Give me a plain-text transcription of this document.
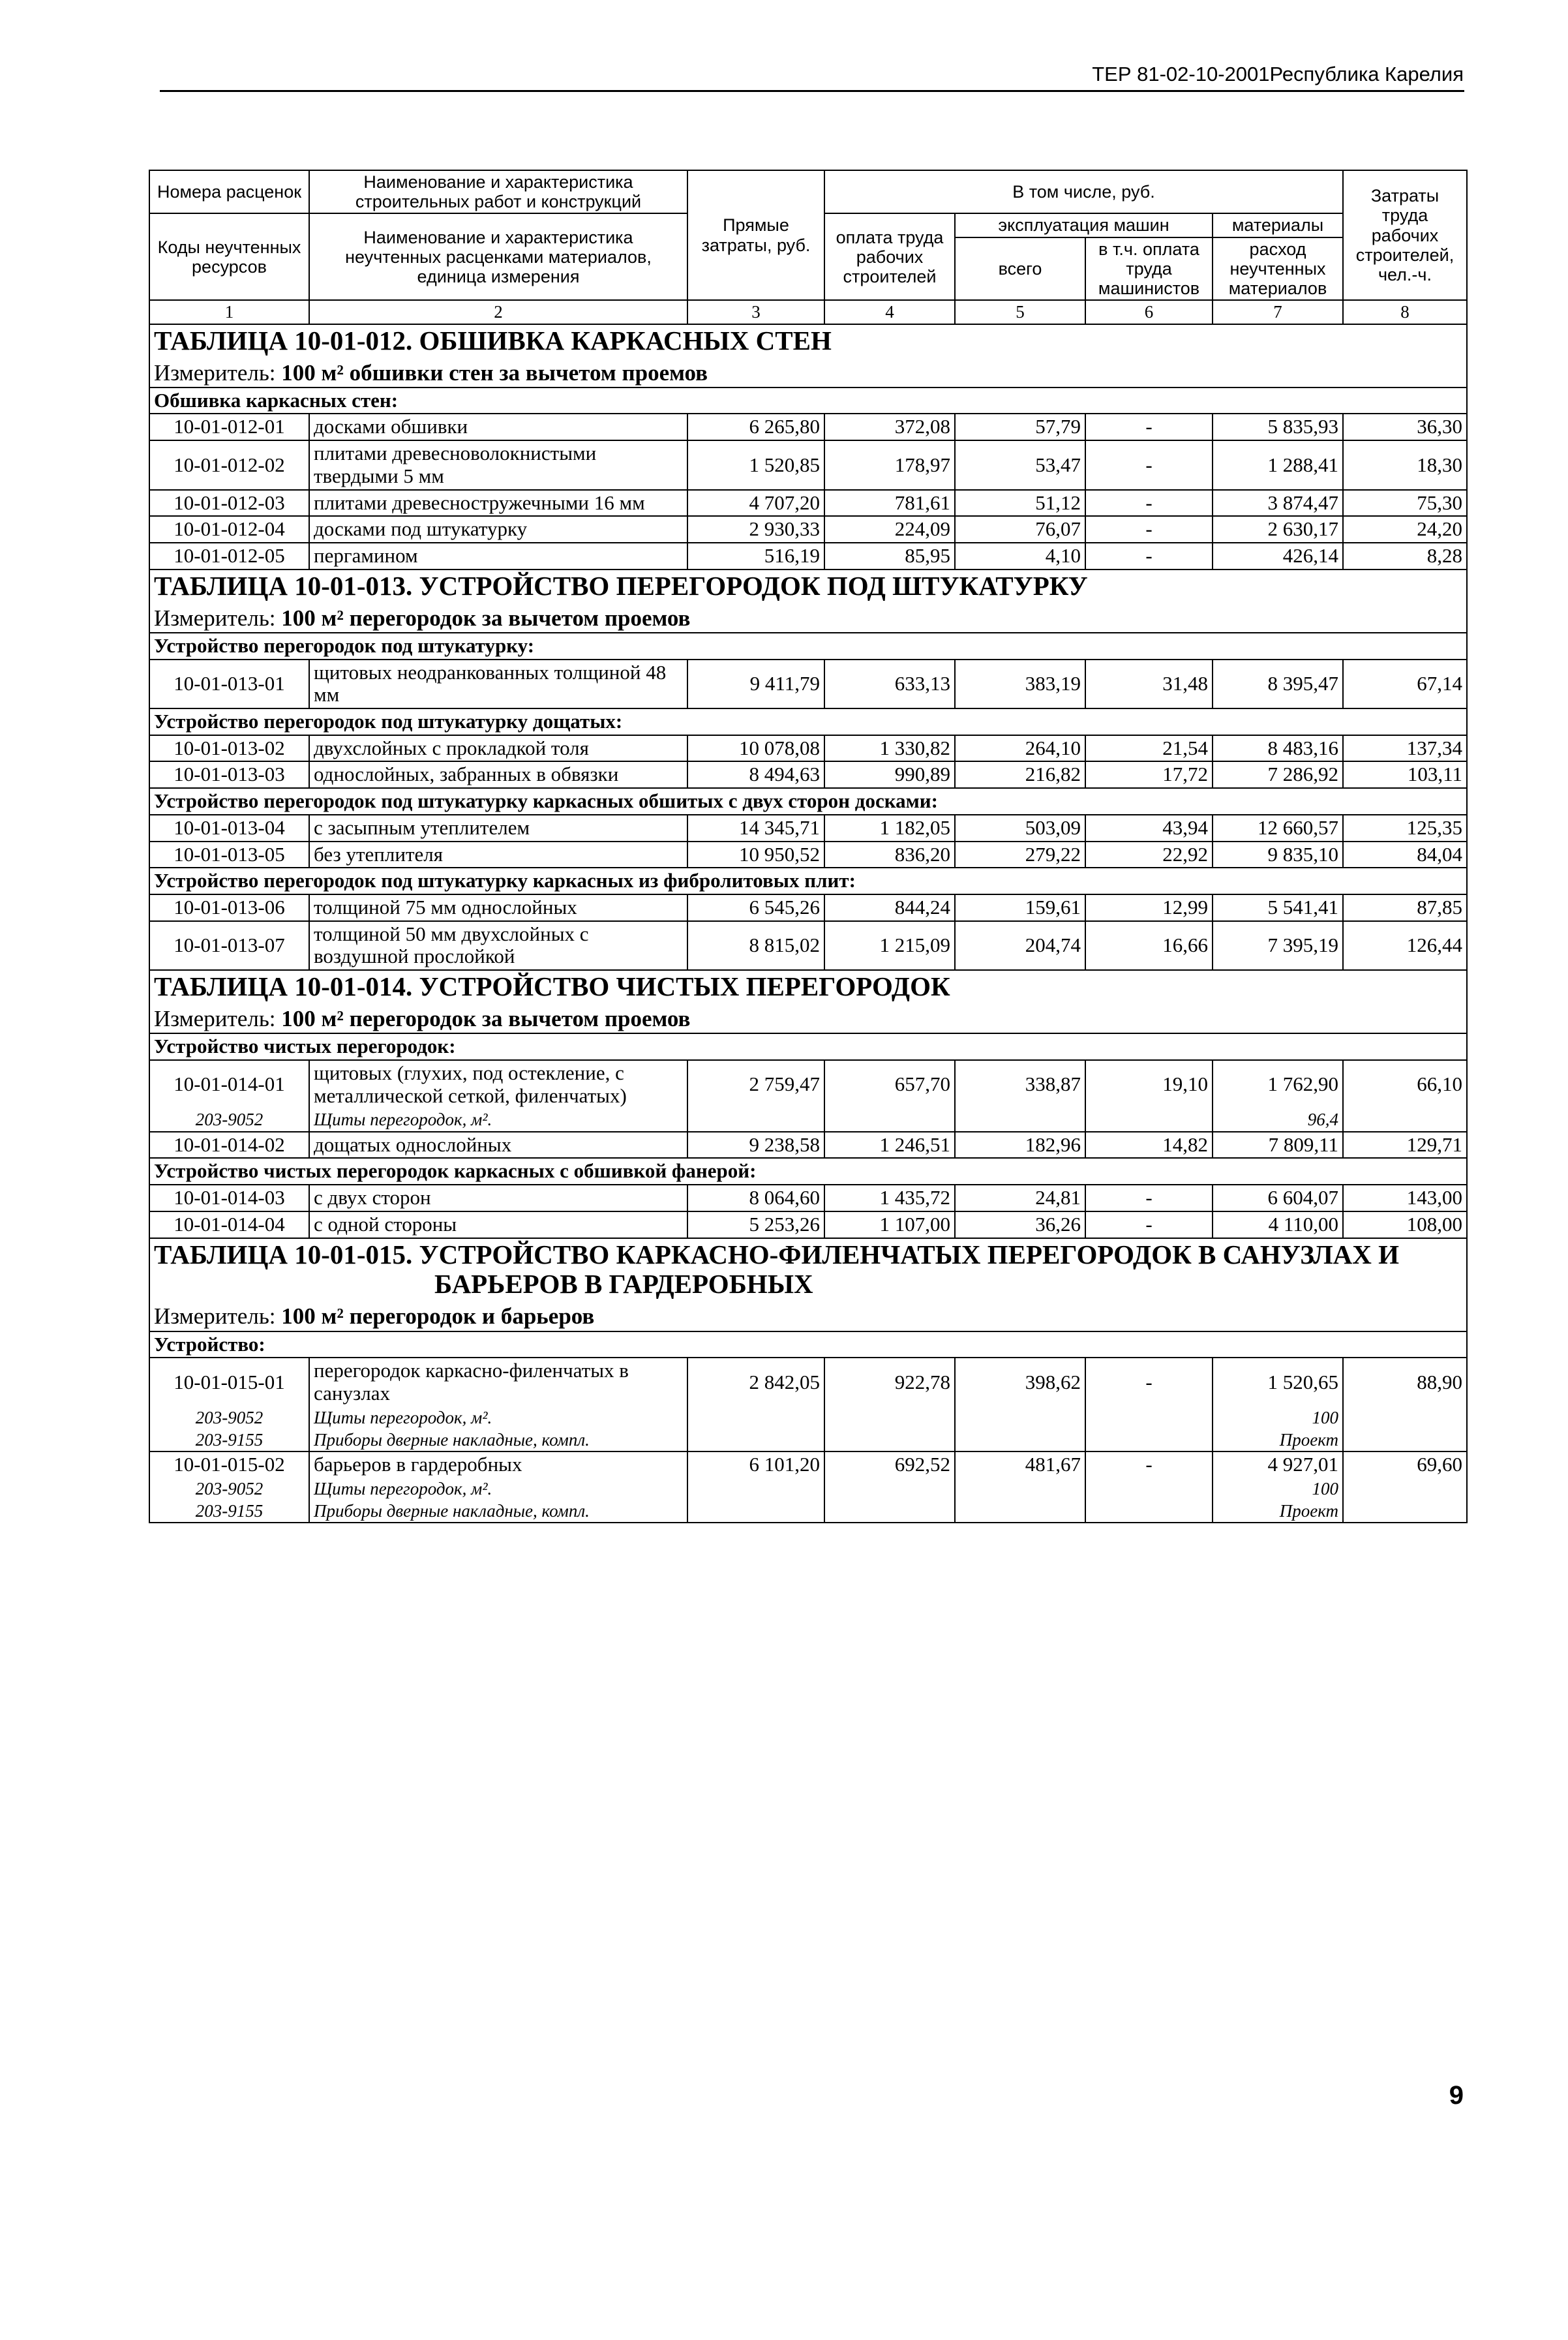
ТЕР 81-02-10-2001Республика Карелия
Номера расценок	Наименование и характеристика строительных работ и конструкций	Прямые затраты, руб.	В том числе, руб.				Затраты труда рабочих строителей, чел.-ч.
Коды неучтенных ресурсов	Наименование и характеристика неучтенных расценками материалов, единица измерения		оплата труда рабочих строителей	эксплуатация машин		материалы	
				всего	в т.ч. оплата труда машинистов	расход неучтенных материалов	
1	2	3	4	5	6	7	8

ТАБЛИЦА 10-01-012. ОБШИВКА КАРКАСНЫХ СТЕН
Измеритель: 100 м² обшивки стен за вычетом проемов							

Обшивка каркасных стен:							
10-01-012-01	досками обшивки	6 265,80	372,08	57,79	-	5 835,93	36,30
10-01-012-02	плитами древесноволокнистыми твердыми 5 мм	1 520,85	178,97	53,47	-	1 288,41	18,30
10-01-012-03	плитами древесностружечными 16 мм	4 707,20	781,61	51,12	-	3 874,47	75,30
10-01-012-04	досками под штукатурку	2 930,33	224,09	76,07	-	2 630,17	24,20
10-01-012-05	пергамином	516,19	85,95	4,10	-	426,14	8,28

ТАБЛИЦА 10-01-013. УСТРОЙСТВО ПЕРЕГОРОДОК ПОД ШТУКАТУРКУ
Измеритель: 100 м² перегородок за вычетом проемов							

Устройство перегородок под штукатурку:							
10-01-013-01	щитовых неодранкованных толщиной 48 мм	9 411,79	633,13	383,19	31,48	8 395,47	67,14
Устройство перегородок под штукатурку дощатых:							
10-01-013-02	двухслойных с прокладкой толя	10 078,08	1 330,82	264,10	21,54	8 483,16	137,34
10-01-013-03	однослойных, забранных в обвязки	8 494,63	990,89	216,82	17,72	7 286,92	103,11
Устройство перегородок под штукатурку каркасных обшитых с двух сторон досками:							
10-01-013-04	с засыпным утеплителем	14 345,71	1 182,05	503,09	43,94	12 660,57	125,35
10-01-013-05	без утеплителя	10 950,52	836,20	279,22	22,92	9 835,10	84,04
Устройство перегородок под штукатурку каркасных из фибролитовых плит:							
10-01-013-06	толщиной 75 мм однослойных	6 545,26	844,24	159,61	12,99	5 541,41	87,85
10-01-013-07	толщиной 50 мм двухслойных с воздушной прослойкой	8 815,02	1 215,09	204,74	16,66	7 395,19	126,44

ТАБЛИЦА 10-01-014. УСТРОЙСТВО ЧИСТЫХ ПЕРЕГОРОДОК
Измеритель: 100 м² перегородок за вычетом проемов							

Устройство чистых перегородок:							
10-01-014-01	щитовых (глухих, под остекление, с металлической сеткой, филенчатых)	2 759,47	657,70	338,87	19,10	1 762,90	66,10
203-9052	Щиты перегородок, м².					96,4	
10-01-014-02	дощатых однослойных	9 238,58	1 246,51	182,96	14,82	7 809,11	129,71
Устройство чистых перегородок каркасных с обшивкой фанерой:							
10-01-014-03	с двух сторон	8 064,60	1 435,72	24,81	-	6 604,07	143,00
10-01-014-04	с одной стороны	5 253,26	1 107,00	36,26	-	4 110,00	108,00

ТАБЛИЦА 10-01-015. УСТРОЙСТВО КАРКАСНО-ФИЛЕНЧАТЫХ ПЕРЕГОРОДОК В САНУЗЛАХ И
БАРЬЕРОВ В ГАРДЕРОБНЫХ
Измеритель: 100 м² перегородок и барьеров							

Устройство:							
10-01-015-01	перегородок каркасно-филенчатых в санузлах	2 842,05	922,78	398,62	-	1 520,65	88,90
203-9052	Щиты перегородок, м².					100	
203-9155	Приборы дверные накладные, компл.					Проект	
10-01-015-02	барьеров в гардеробных	6 101,20	692,52	481,67	-	4 927,01	69,60
203-9052	Щиты перегородок, м².					100	
203-9155	Приборы дверные накладные, компл.					Проект	
9
